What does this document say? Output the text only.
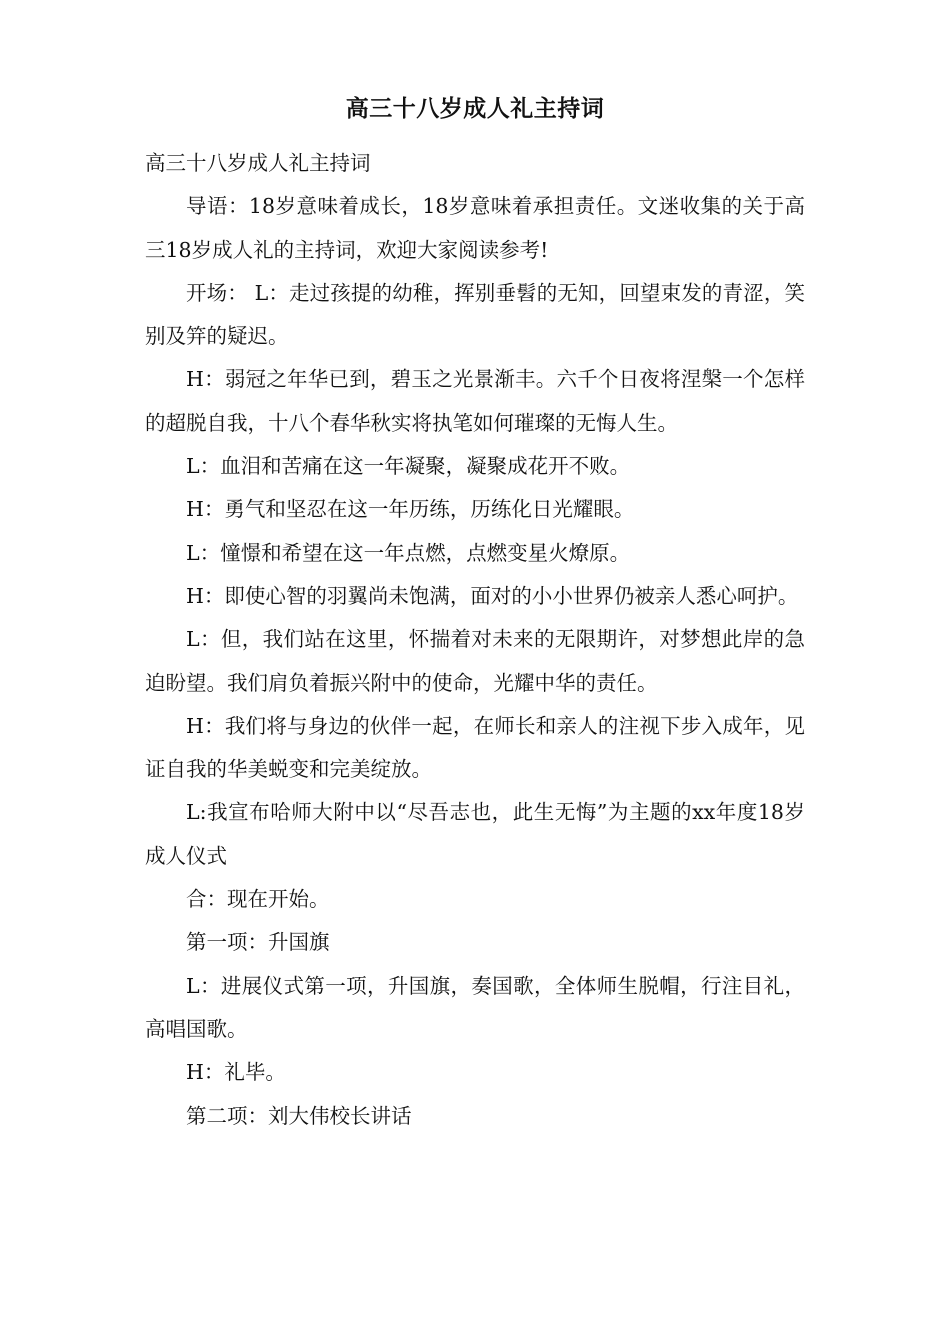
高三十八岁成人礼主持词

高三十八岁成人礼主持词

导语：18岁意味着成长，18岁意味着承担责任。文迷收集的关于高三18岁成人礼的主持词，欢迎大家阅读参考!

开场： L：走过孩提的幼稚，挥别垂髫的无知，回望束发的青涩，笑别及笄的疑迟。

H：弱冠之年华已到，碧玉之光景渐丰。六千个日夜将涅槃一个怎样的超脱自我，十八个春华秋实将执笔如何璀璨的无悔人生。

L：血泪和苦痛在这一年凝聚，凝聚成花开不败。

H：勇气和坚忍在这一年历练，历练化日光耀眼。

L：憧憬和希望在这一年点燃，点燃变星火燎原。

H：即使心智的羽翼尚未饱满，面对的小小世界仍被亲人悉心呵护。

L：但，我们站在这里，怀揣着对未来的无限期许，对梦想此岸的急迫盼望。我们肩负着振兴附中的使命，光耀中华的责任。

H：我们将与身边的伙伴一起，在师长和亲人的注视下步入成年，见证自我的华美蜕变和完美绽放。

L:我宣布哈师大附中以“尽吾志也，此生无悔”为主题的xx年度18岁成人仪式

合：现在开始。

第一项：升国旗

L：进展仪式第一项，升国旗，奏国歌，全体师生脱帽，行注目礼，高唱国歌。

H：礼毕。

第二项：刘大伟校长讲话
